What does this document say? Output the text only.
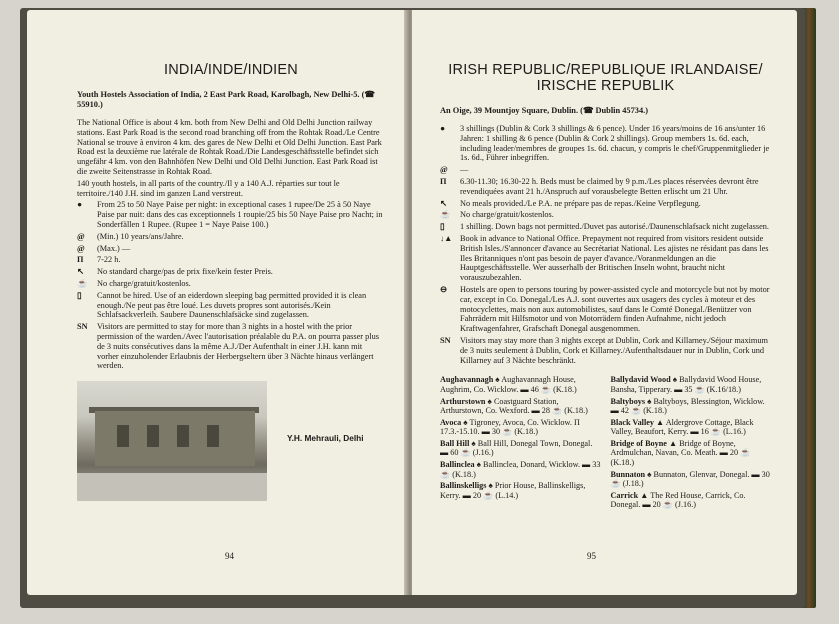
INDIA/INDE/INDIEN
Youth Hostels Association of India, 2 East Park Road, Karolbagh, New Delhi-5. (☎ 55910.)
The National Office is about 4 km. both from New Delhi and Old Delhi Junction railway stations. East Park Road is the second road branching off from the Rohtak Road./Le Centre National se trouve à environ 4 km. des gares de New Delhi et Old Delhi Junction. East Park Road est la deuxième rue latérale de Rohtak Road./Die Landesgeschäftsstelle befindet sich ungefähr 4 km. von den Bahnhöfen New Delhi und Old Delhi Junction. East Park Road ist die zweite Seitenstrasse in Rohtak Road.
140 youth hostels, in all parts of the country./Il y a 140 A.J. réparties sur tout le territoire./140 J.H. sind im ganzen Land verstreut.
●	From 25 to 50 Naye Paise per night: in exceptional cases 1 rupee/De 25 à 50 Naye Paise par nuit: dans des cas exceptionnels 1 roupie/25 bis 50 Naye Paise pro Nacht; in Sonderfällen 1 Rupee. (Rupee 1 = Naye Paise 100.)
@	(Min.) 10 years/ans/Jahre.
@	(Max.) —
Π	7-22 h.
↖	No standard charge/pas de prix fixe/kein fester Preis.
☕	No charge/gratuit/kostenlos.
▯	Cannot be hired. Use of an eiderdown sleeping bag permitted provided it is clean enough./Ne peut pas être loué. Les duvets propres sont autorisés./Kein Schlafsackverleih. Saubere Daunenschlafsäcke sind zugelassen.
SN	Visitors are permitted to stay for more than 3 nights in a hostel with the prior permission of the warden./Avec l'autorisation préalable du P.A. on pourra passer plus de 3 nuits consécutives dans la même A.J./Der Aufenthalt in einer J.H. kann mit vorher einzuholender Erlaubnis der Herbergseltern über 3 Nächte hinaus verlängert werden.
Y.H. Mehrauli, Delhi
94
IRISH REPUBLIC/REPUBLIQUE IRLANDAISE/ IRISCHE REPUBLIK
An Oige, 39 Mountjoy Square, Dublin. (☎ Dublin 45734.)
●	3 shillings (Dublin & Cork 3 shillings & 6 pence). Under 16 years/moins de 16 ans/unter 16 Jahren: 1 shilling & 6 pence (Dublin & Cork 2 shillings). Group members 1s. 6d. each, including leader/membres de groupes 1s. 6d. chacun, y compris le chef/Gruppenmitglieder je 1s. 6d., Führer inbegriffen.
@	—
Π	6.30-11.30; 16.30-22 h. Beds must be claimed by 9 p.m./Les places réservées devront être revendiquées avant 21 h./Anspruch auf vorausbelegte Betten erlischt um 21 Uhr.
↖	No meals provided./Le P.A. ne prépare pas de repas./Keine Verpflegung.
☕	No charge/gratuit/kostenlos.
▯	1 shilling. Down bags not permitted./Duvet pas autorisé./Daunenschlafsack nicht zugelassen.
↓▲ Book in advance to National Office. Prepayment not required from visitors resident outside British Isles./S'annoncer d'avance au Secrétariat National. Les ajistes ne résidant pas dans les Iles Britanniques n'ont pas besoin de payer d'avance./Voranmeldungen an die Hauptgeschäftsstelle. Wer ausserhalb der Britischen Inseln wohnt, braucht nicht vorauszubezahlen.
⊖	Hostels are open to persons touring by power-assisted cycle and motorcycle but not by motor car, except in Co. Donegal./Les A.J. sont ouvertes aux usagers des cycles à moteur et des motocyclettes, mais non aux automobilistes, sauf dans le Comté Donegal./Benützer von Fahrrädern mit Hilfsmotor und von Motorrädern finden Aufnahme, nicht jedoch Kraftwagenfahrer, Grafschaft Donegal ausgenommen.
SN	Visitors may stay more than 3 nights except at Dublin, Cork and Killarney./Séjour maximum de 3 nuits seulement à Dublin, Cork et Killarney./Aufenthaltsdauer nur in Dublin, Cork und Killarney auf 3 Nächte beschränkt.
Aughavannagh ♠ Aughavannagh House, Aughrim, Co. Wicklow. ▬ 46 ☕ (K.18.)
Arthurstown ♠ Coastguard Station, Arthurstown, Co. Wexford. ▬ 28 ☕ (K.18.)
Avoca ♠ Tigroney, Avoca, Co. Wicklow. Π 17.3.-15.10. ▬ 30 ☕ (K.18.)
Ball Hill ♠ Ball Hill, Donegal Town, Donegal. ▬ 60 ☕ (J.16.)
Ballinclea ♠ Ballinclea, Donard, Wicklow. ▬ 33 ☕ (K.18.)
Ballinskelligs ♠ Prior House, Ballinskelligs, Kerry. ▬ 20 ☕ (L.14.)
Ballydavid Wood ♠ Ballydavid Wood House, Bansha, Tipperary. ▬ 35 ☕ (K.16/18.)
Baltyboys ♠ Baltyboys, Blessington, Wicklow. ▬ 42 ☕ (K.18.)
Black Valley ▲ Aldergrove Cottage, Black Valley, Beaufort, Kerry. ▬ 16 ☕ (L.16.)
Bridge of Boyne ▲ Bridge of Boyne, Ardmulchan, Navan, Co. Meath. ▬ 20 ☕ (K.18.)
Bunnaton ♠ Bunnaton, Glenvar, Donegal. ▬ 30 ☕ (J.18.)
Carrick ▲ The Red House, Carrick, Co. Donegal. ▬ 20 ☕ (J.16.)
95
